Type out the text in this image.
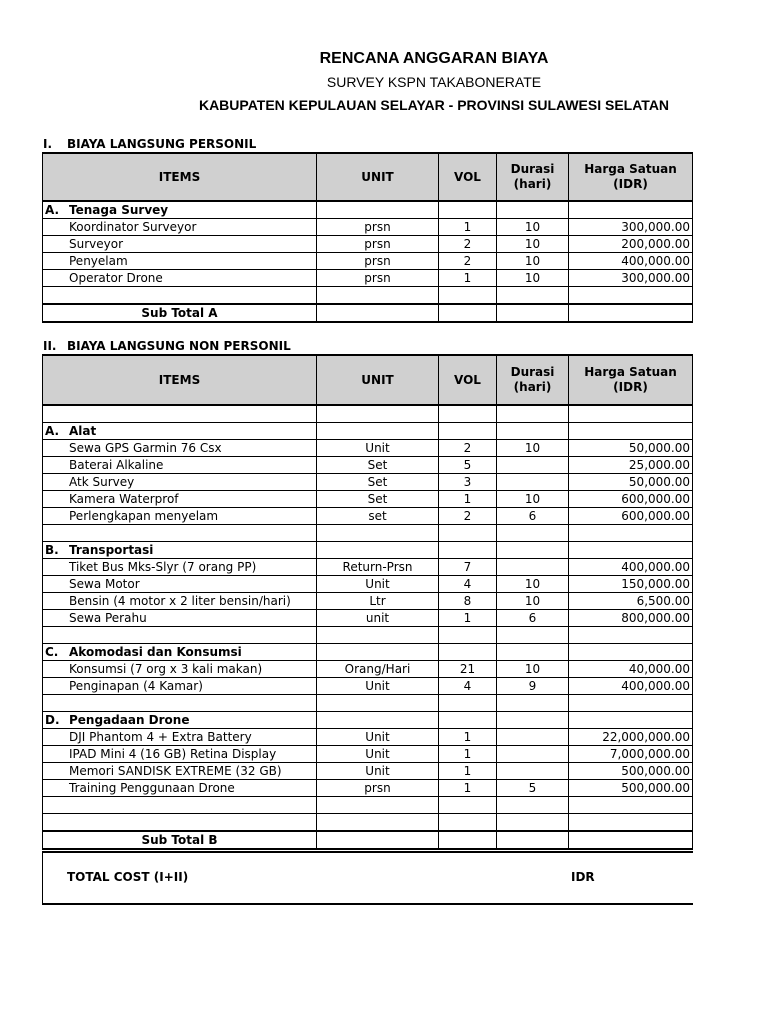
RENCANA ANGGARAN BIAYA
SURVEY KSPN TAKABONERATE
KABUPATEN KEPULAUAN SELAYAR - PROVINSI SULAWESI SELATAN
I. BIAYA LANGSUNG PERSONIL
ITEMS	UNIT	VOL	Durasi (hari)	Harga Satuan (IDR)
A. Tenaga Survey				
Koordinator Surveyor	prsn	1	10	300,000.00
Surveyor	prsn	2	10	200,000.00
Penyelam	prsn	2	10	400,000.00
Operator Drone	prsn	1	10	300,000.00

Sub Total A				
II. BIAYA LANGSUNG NON PERSONIL
ITEMS	UNIT	VOL	Durasi (hari)	Harga Satuan (IDR)

A. Alat				
Sewa GPS Garmin 76 Csx	Unit	2	10	50,000.00
Baterai Alkaline	Set	5		25,000.00
Atk Survey	Set	3		50,000.00
Kamera Waterprof	Set	1	10	600,000.00
Perlengkapan menyelam	set	2	6	600,000.00

B. Transportasi				
Tiket Bus Mks-Slyr (7 orang PP)	Return-Prsn	7		400,000.00
Sewa Motor	Unit	4	10	150,000.00
Bensin (4 motor x 2 liter bensin/hari)	Ltr	8	10	6,500.00
Sewa Perahu	unit	1	6	800,000.00

C. Akomodasi dan Konsumsi				
Konsumsi (7 org x 3 kali makan)	Orang/Hari	21	10	40,000.00
Penginapan (4 Kamar)	Unit	4	9	400,000.00

D. Pengadaan Drone				
DJI Phantom 4 + Extra Battery	Unit	1		22,000,000.00
IPAD Mini 4 (16 GB) Retina Display	Unit	1		7,000,000.00
Memori SANDISK EXTREME (32 GB)	Unit	1		500,000.00
Training Penggunaan Drone	prsn	1	5	500,000.00

Sub Total B				
TOTAL COST (I+II)	IDR
